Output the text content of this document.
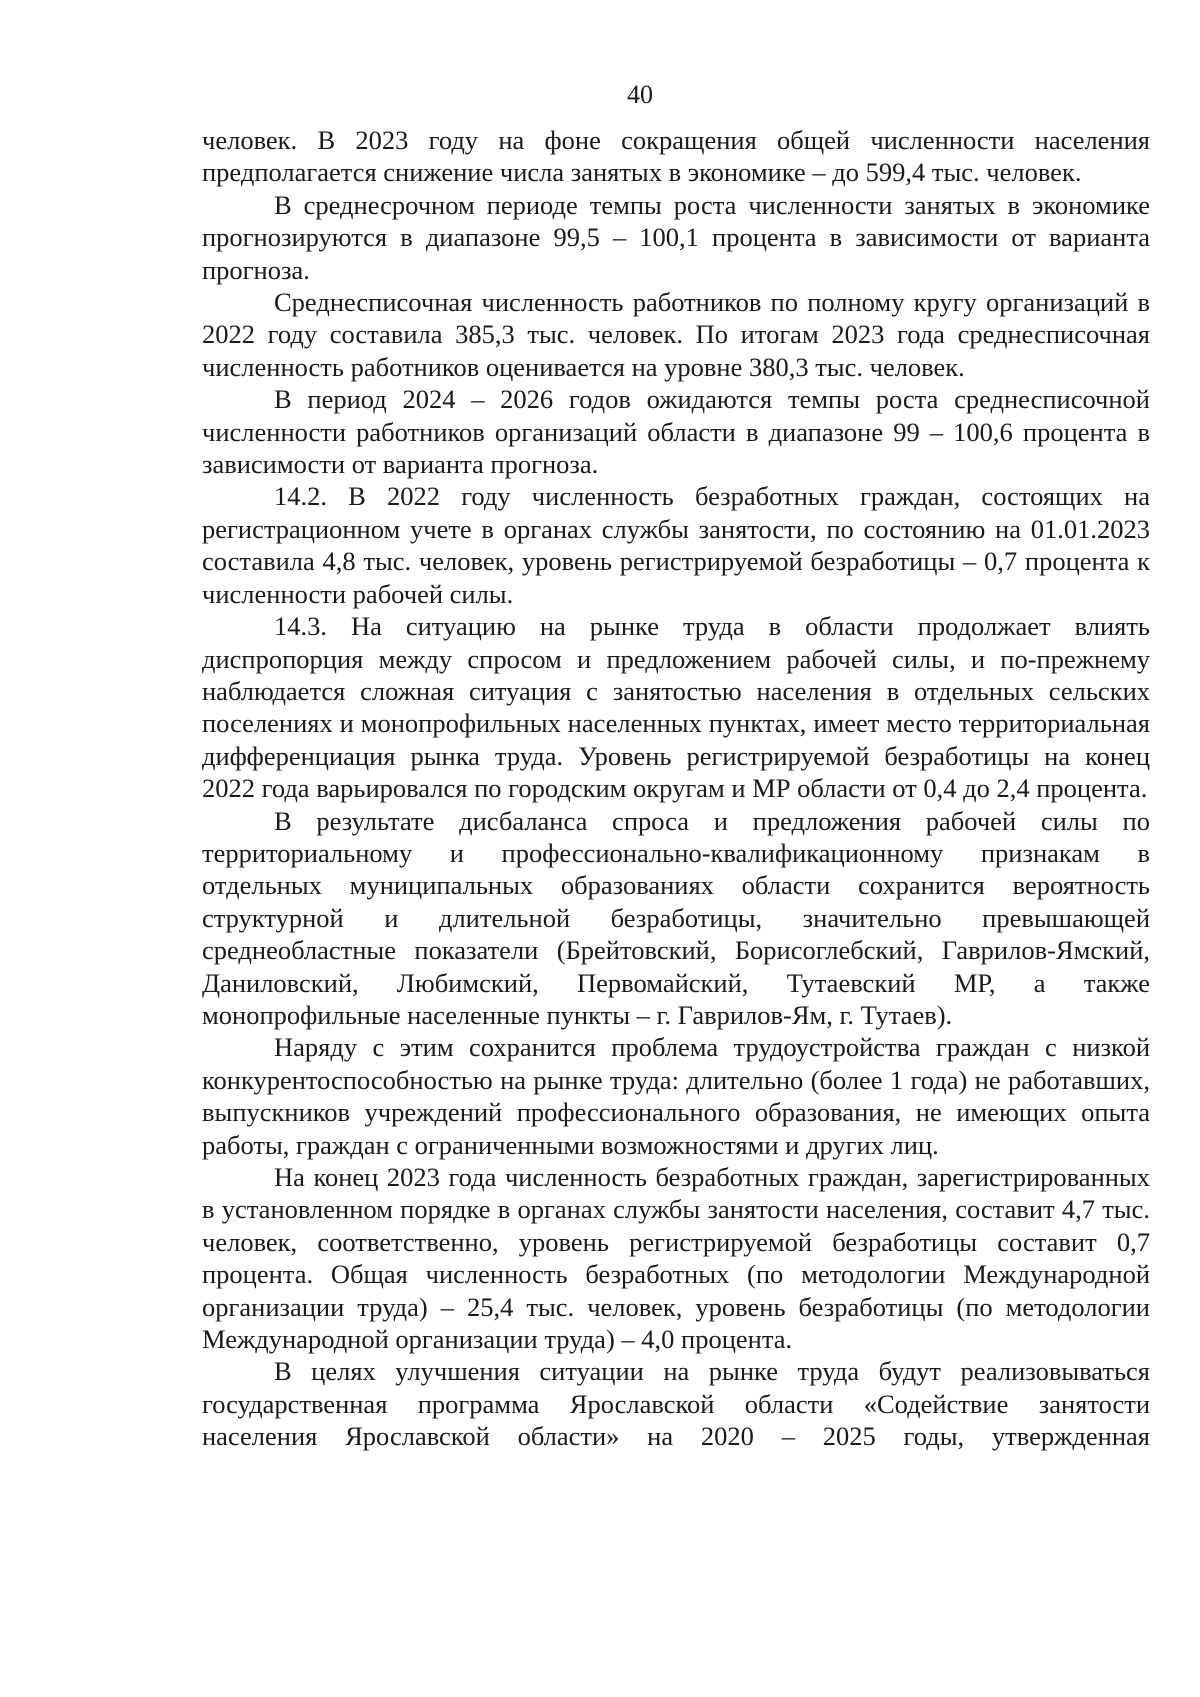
40

человек. В 2023 году на фоне сокращения общей численности населения предполагается снижение числа занятых в экономике – до 599,4 тыс. человек.

В среднесрочном периоде темпы роста численности занятых в экономике прогнозируются в диапазоне 99,5 – 100,1 процента в зависимости от варианта прогноза.

Среднесписочная численность работников по полному кругу организаций в 2022 году составила 385,3 тыс. человек. По итогам 2023 года среднесписочная численность работников оценивается на уровне 380,3 тыс. человек.

В период 2024 – 2026 годов ожидаются темпы роста среднесписочной численности работников организаций области в диапазоне 99 – 100,6 процента в зависимости от варианта прогноза.

14.2. В 2022 году численность безработных граждан, состоящих на регистрационном учете в органах службы занятости, по состоянию на 01.01.2023 составила 4,8 тыс. человек, уровень регистрируемой безработицы – 0,7 процента к численности рабочей силы.

14.3. На ситуацию на рынке труда в области продолжает влиять диспропорция между спросом и предложением рабочей силы, и по-прежнему наблюдается сложная ситуация с занятостью населения в отдельных сельских поселениях и монопрофильных населенных пунктах, имеет место территориальная дифференциация рынка труда. Уровень регистрируемой безработицы на конец 2022 года варьировался по городским округам и МР области от 0,4 до 2,4 процента.

В результате дисбаланса спроса и предложения рабочей силы по территориальному и профессионально-квалификационному признакам в отдельных муниципальных образованиях области сохранится вероятность структурной и длительной безработицы, значительно превышающей среднеобластные показатели (Брейтовский, Борисоглебский, Гаврилов-Ямский, Даниловский, Любимский, Первомайский, Тутаевский МР, а также монопрофильные населенные пункты – г. Гаврилов-Ям, г. Тутаев).

Наряду с этим сохранится проблема трудоустройства граждан с низкой конкурентоспособностью на рынке труда: длительно (более 1 года) не работавших, выпускников учреждений профессионального образования, не имеющих опыта работы, граждан с ограниченными возможностями и других лиц.

На конец 2023 года численность безработных граждан, зарегистрированных в установленном порядке в органах службы занятости населения, составит 4,7 тыс. человек, соответственно, уровень регистрируемой безработицы составит 0,7 процента. Общая численность безработных (по методологии Международной организации труда) – 25,4 тыс. человек, уровень безработицы (по методологии Международной организации труда) – 4,0 процента.

В целях улучшения ситуации на рынке труда будут реализовываться государственная программа Ярославской области «Содействие занятости населения Ярославской области» на 2020 – 2025 годы, утвержденная
